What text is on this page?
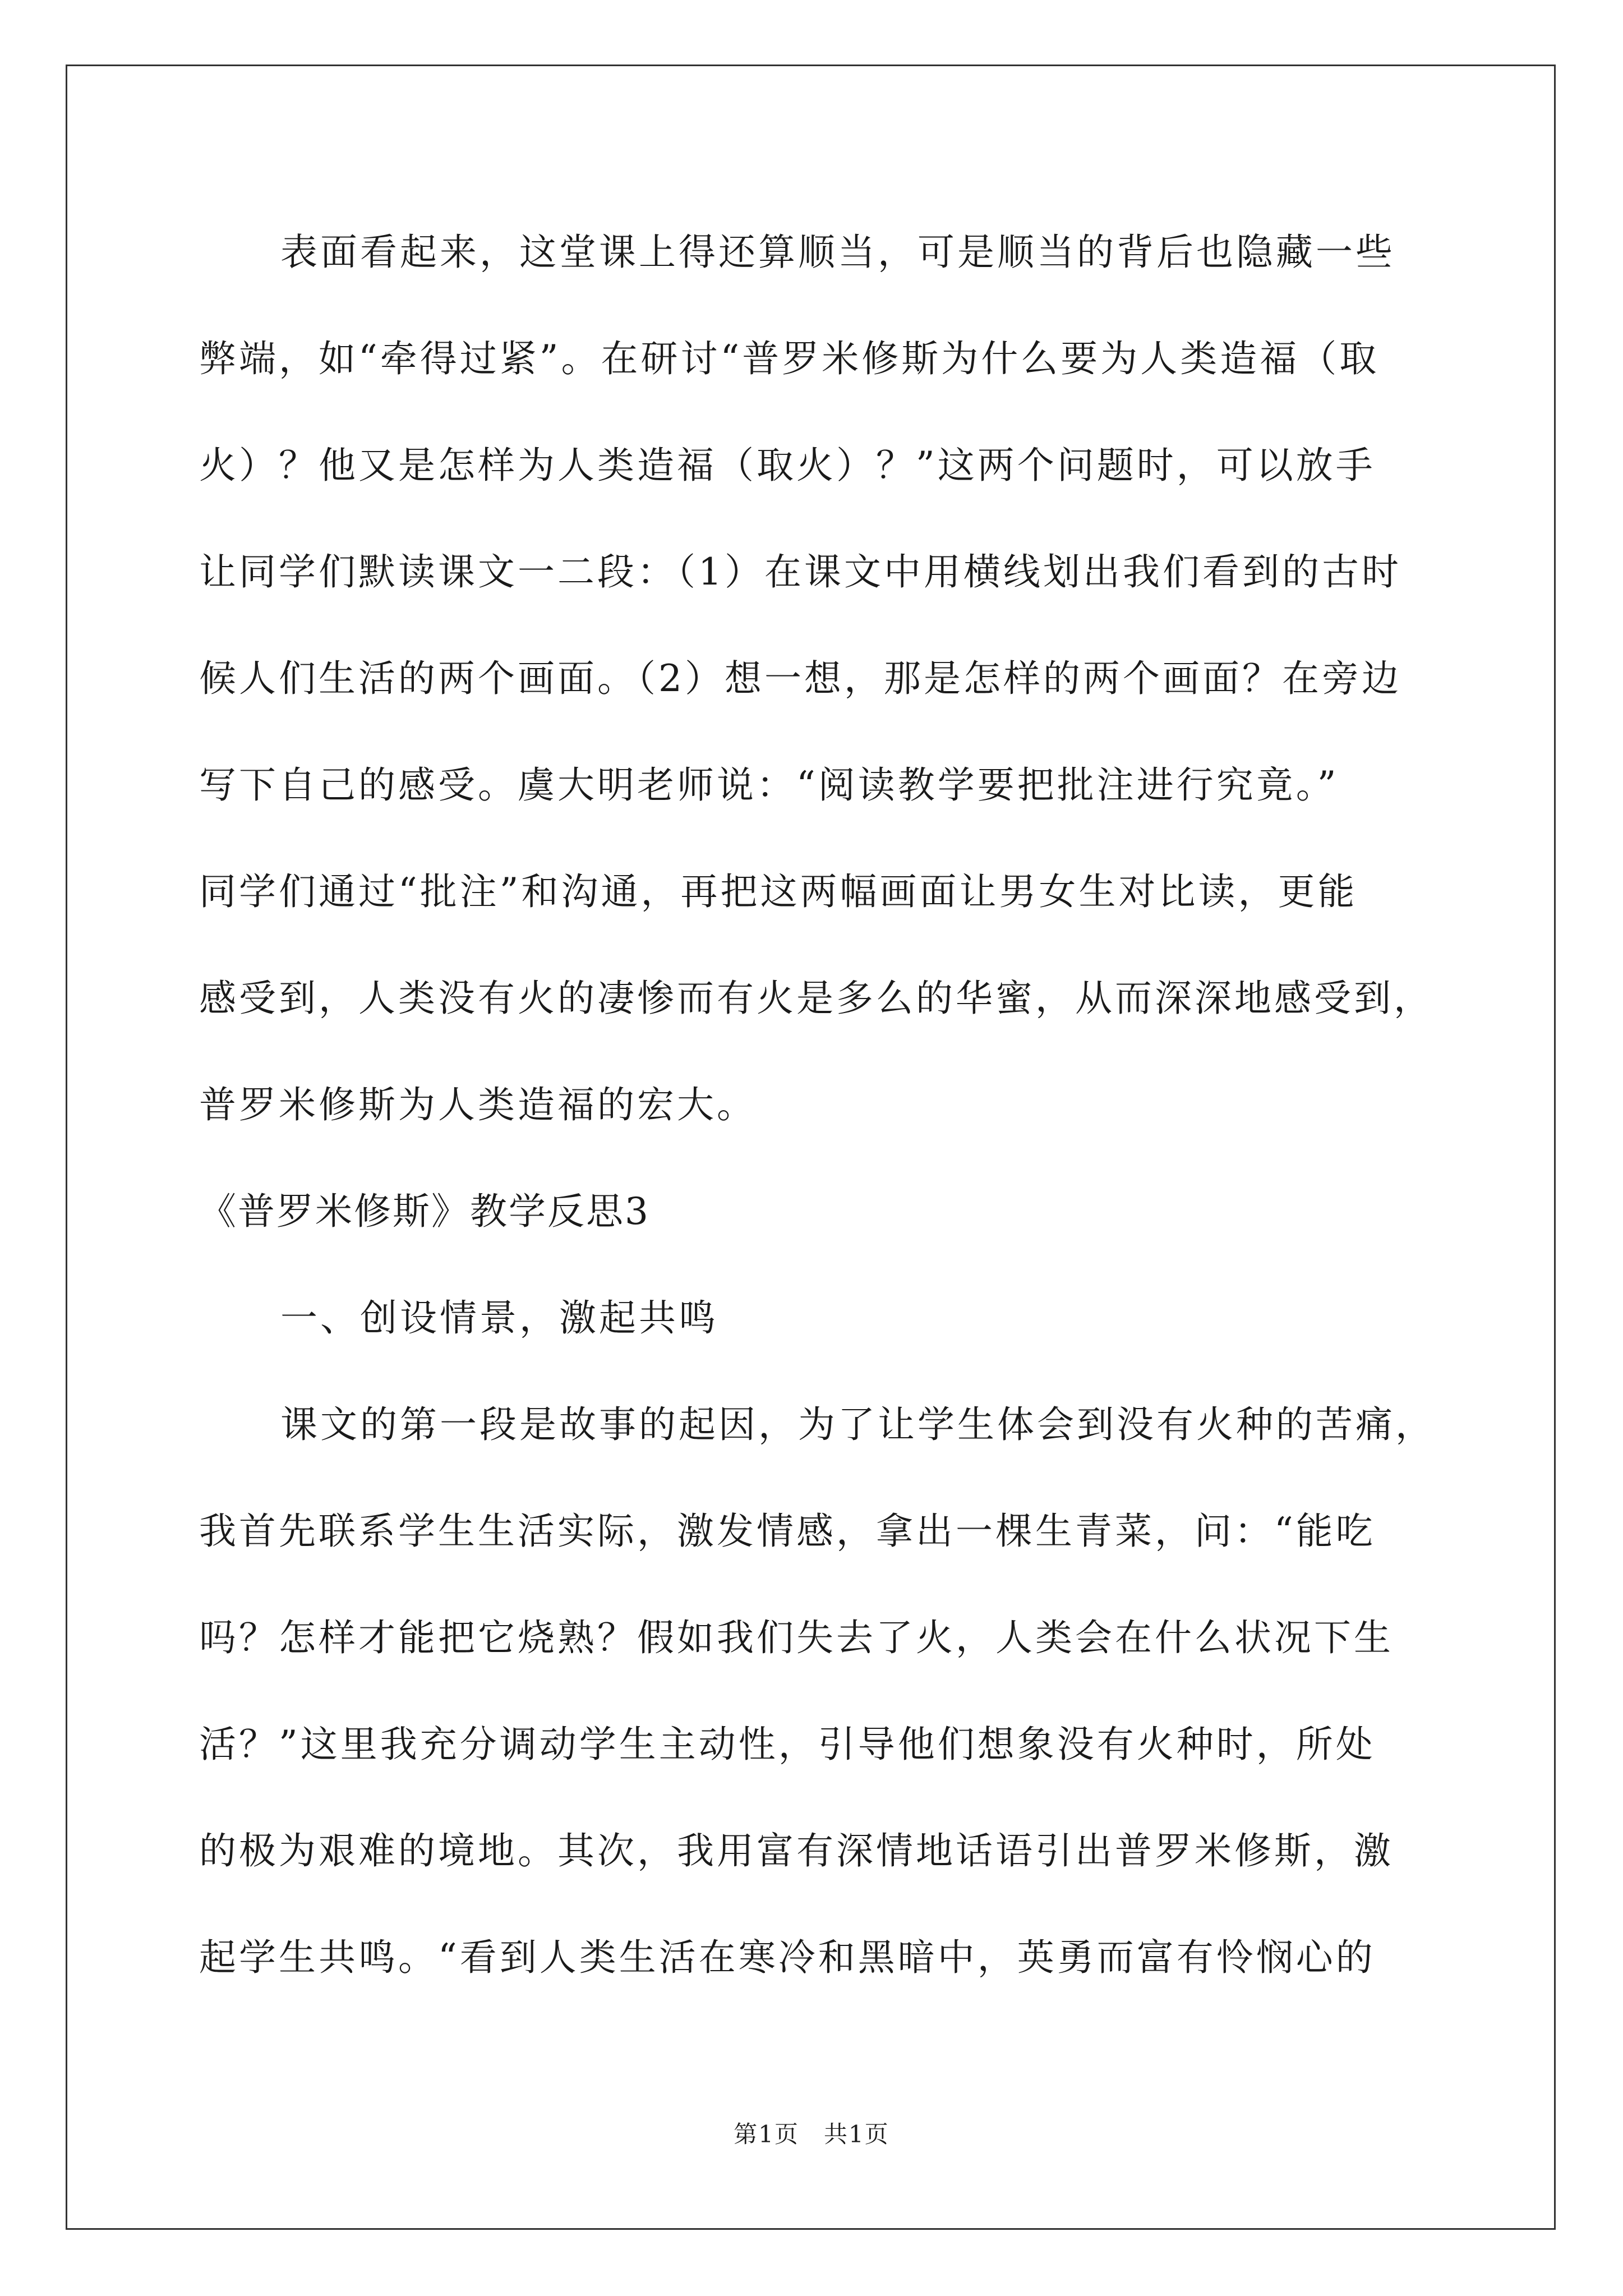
表面看起来，这堂课上得还算顺当，可是顺当的背后也隐藏一些
弊端，如“牵得过紧”。在研讨“普罗米修斯为什么要为人类造福（取
火）？他又是怎样为人类造福（取火）？”这两个问题时，可以放手
让同学们默读课文一二段：（1）在课文中用横线划出我们看到的古时
候人们生活的两个画面。（2）想一想，那是怎样的两个画面？在旁边
写下自己的感受。虞大明老师说：“阅读教学要把批注进行究竟。”
同学们通过“批注”和沟通，再把这两幅画面让男女生对比读，更能
感受到，人类没有火的凄惨而有火是多么的华蜜，从而深深地感受到，
普罗米修斯为人类造福的宏大。
《普罗米修斯》教学反思3
一、创设情景，激起共鸣
课文的第一段是故事的起因，为了让学生体会到没有火种的苦痛，
我首先联系学生生活实际，激发情感，拿出一棵生青菜，问：“能吃
吗？怎样才能把它烧熟？假如我们失去了火，人类会在什么状况下生
活？”这里我充分调动学生主动性，引导他们想象没有火种时，所处
的极为艰难的境地。其次，我用富有深情地话语引出普罗米修斯，激
起学生共鸣。“看到人类生活在寒冷和黑暗中，英勇而富有怜悯心的
第1页　共1页
